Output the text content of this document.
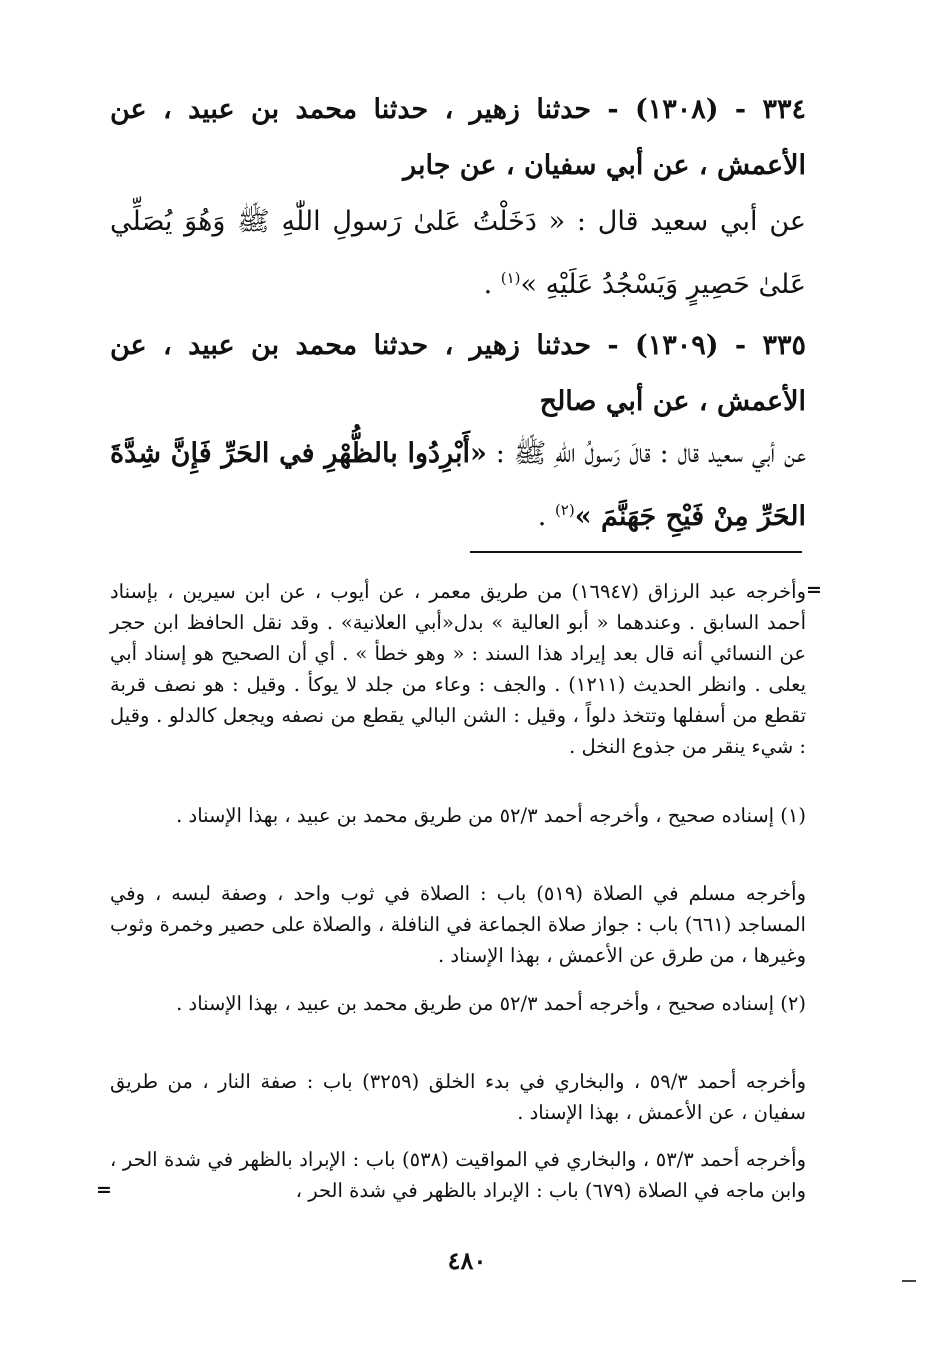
٣٣٤ - (١٣٠٨) - حدثنا زهير ، حدثنا محمد بن عبيد ، عن الأعمش ، عن أبي سفيان ، عن جابر

عن أبي سعيد قال : « دَخَلْتُ عَلىٰ رَسولِ اللّٰهِ ﷺ وَهُوَ يُصَلِّي عَلىٰ حَصِيرٍ وَيَسْجُدُ عَلَيْهِ »$^{(١)}$ .

٣٣٥ - (١٣٠٩) - حدثنا زهير ، حدثنا محمد بن عبيد ، عن الأعمش ، عن أبي صالح

عن أبي سعيد قال : قالَ رَسولُ اللّٰهِ ﷺ : «أَبْرِدُوا بالظُّهْرِ في الحَرِّ فَإِنَّ شِدَّةَ الحَرِّ مِنْ فَيْحِ جَهَنَّمَ »$^{(٢)}$ .

=

وأخرجه عبد الرزاق (١٦٩٤٧) من طريق معمر ، عن أيوب ، عن ابن سيرين ، بإسناد أحمد السابق . وعندهما « أبو العالية » بدل«أبي العلانية» . وقد نقل الحافظ ابن حجر عن النسائي أنه قال بعد إيراد هذا السند : « وهو خطأ » . أي أن الصحيح هو إسناد أبي يعلى . وانظر الحديث (١٢١١) . والجف : وعاء من جلد لا يوكأ . وقيل : هو نصف قربة تقطع من أسفلها وتتخذ دلواً ، وقيل : الشن البالي يقطع من نصفه ويجعل كالدلو . وقيل : شيء ينقر من جذوع النخل .

(١) إسناده صحيح ، وأخرجه أحمد ٥٢/٣ من طريق محمد بن عبيد ، بهذا الإسناد .

وأخرجه مسلم في الصلاة (٥١٩) باب : الصلاة في ثوب واحد ، وصفة لبسه ، وفي المساجد (٦٦١) باب : جواز صلاة الجماعة في النافلة ، والصلاة على حصير وخمرة وثوب وغيرها ، من طرق عن الأعمش ، بهذا الإسناد .

(٢) إسناده صحيح ، وأخرجه أحمد ٥٢/٣ من طريق محمد بن عبيد ، بهذا الإسناد .

وأخرجه أحمد ٥٩/٣ ، والبخاري في بدء الخلق (٣٢٥٩) باب : صفة النار ، من طريق سفيان ، عن الأعمش ، بهذا الإسناد .

وأخرجه أحمد ٥٣/٣ ، والبخاري في المواقيت (٥٣٨) باب : الإبراد بالظهر في شدة الحر ، وابن ماجه في الصلاة (٦٧٩) باب : الإبراد بالظهر في شدة الحر ،

=
٤٨٠
